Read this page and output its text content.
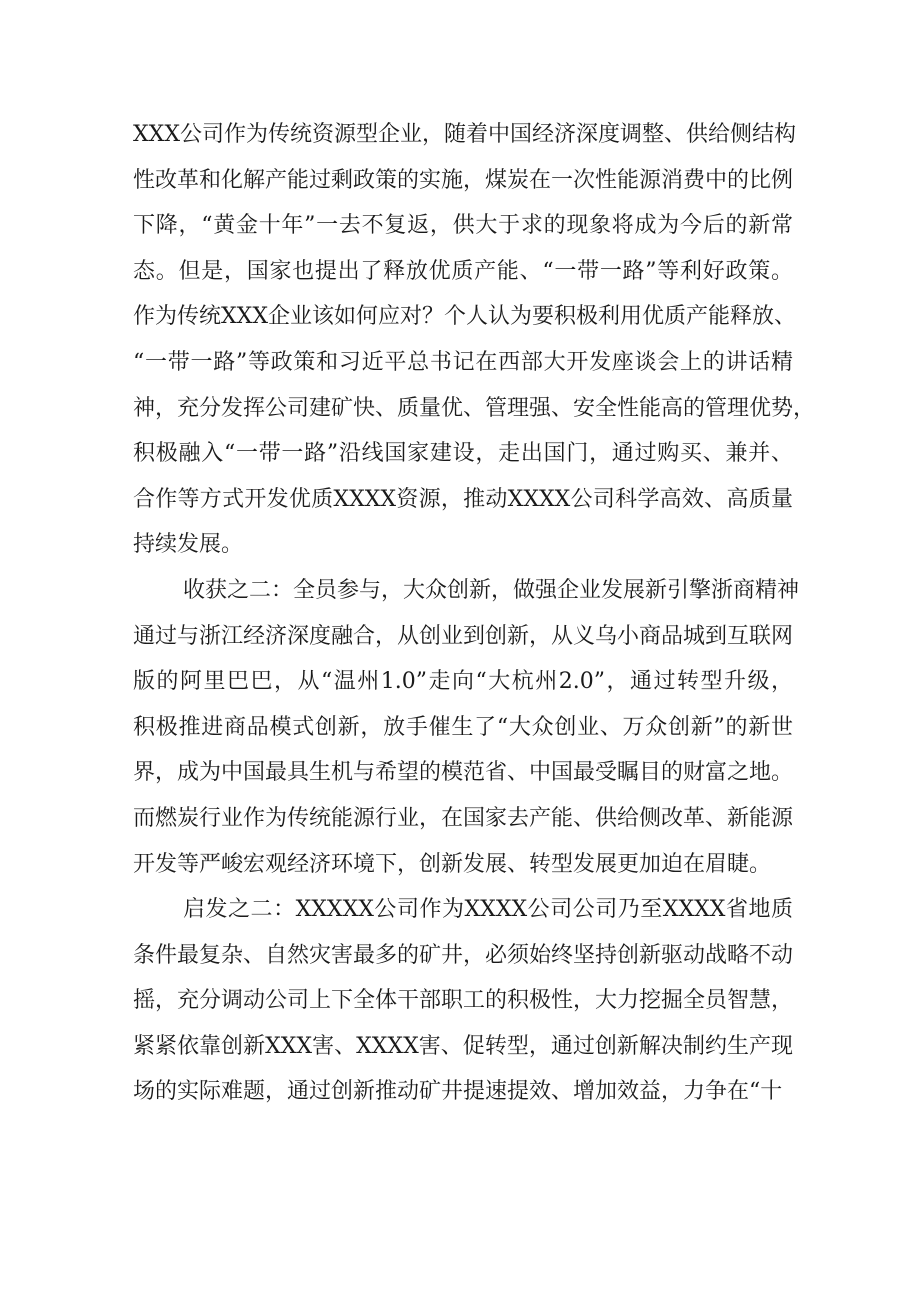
XXX公司作为传统资源型企业，随着中国经济深度调整、供给侧结构
性改革和化解产能过剩政策的实施，煤炭在一次性能源消费中的比例
下降，“黄金十年”一去不复返，供大于求的现象将成为今后的新常
态。但是，国家也提出了释放优质产能、“一带一路”等利好政策。
作为传统XXX企业该如何应对？个人认为要积极利用优质产能释放、
“一带一路”等政策和习近平总书记在西部大开发座谈会上的讲话精
神，充分发挥公司建矿快、质量优、管理强、安全性能高的管理优势，
积极融入“一带一路”沿线国家建设，走出国门，通过购买、兼并、
合作等方式开发优质XXXX资源，推动XXXX公司科学高效、高质量
持续发展。
收获之二：全员参与，大众创新，做强企业发展新引擎浙商精神
通过与浙江经济深度融合，从创业到创新，从义乌小商品城到互联网
版的阿里巴巴，从“温州1.0”走向“大杭州2.0”，通过转型升级，
积极推进商品模式创新，放手催生了“大众创业、万众创新”的新世
界，成为中国最具生机与希望的模范省、中国最受瞩目的财富之地。
而燃炭行业作为传统能源行业，在国家去产能、供给侧改革、新能源
开发等严峻宏观经济环境下，创新发展、转型发展更加迫在眉睫。
启发之二：XXXXX公司作为XXXX公司公司乃至XXXX省地质
条件最复杂、自然灾害最多的矿井，必须始终坚持创新驱动战略不动
摇，充分调动公司上下全体干部职工的积极性，大力挖掘全员智慧，
紧紧依靠创新XXX害、XXXX害、促转型，通过创新解决制约生产现
场的实际难题，通过创新推动矿井提速提效、增加效益，力争在“十
